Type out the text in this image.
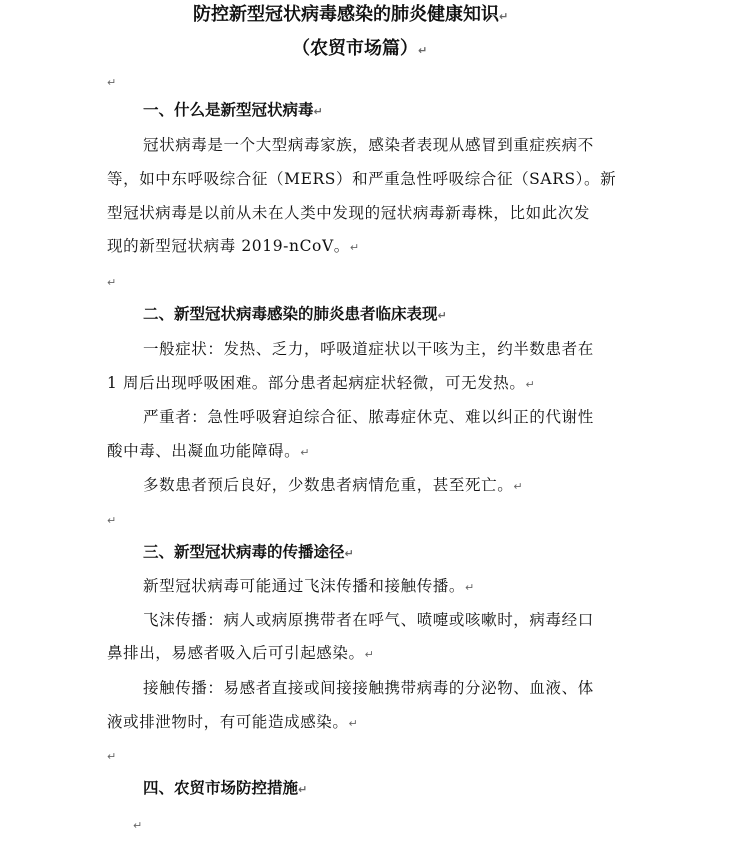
防控新型冠状病毒感染的肺炎健康知识↵
（农贸市场篇）↵
↵
一、什么是新型冠状病毒↵
冠状病毒是一个大型病毒家族，感染者表现从感冒到重症疾病不
等，如中东呼吸综合征（MERS）和严重急性呼吸综合征（SARS）。新
型冠状病毒是以前从未在人类中发现的冠状病毒新毒株，比如此次发
现的新型冠状病毒 2019-nCoV。↵
↵
二、新型冠状病毒感染的肺炎患者临床表现↵
一般症状：发热、乏力，呼吸道症状以干咳为主，约半数患者在
1 周后出现呼吸困难。部分患者起病症状轻微，可无发热。↵
严重者：急性呼吸窘迫综合征、脓毒症休克、难以纠正的代谢性
酸中毒、出凝血功能障碍。↵
多数患者预后良好，少数患者病情危重，甚至死亡。↵
↵
三、新型冠状病毒的传播途径↵
新型冠状病毒可能通过飞沫传播和接触传播。↵
飞沫传播：病人或病原携带者在呼气、喷嚏或咳嗽时，病毒经口
鼻排出，易感者吸入后可引起感染。↵
接触传播：易感者直接或间接接触携带病毒的分泌物、血液、体
液或排泄物时，有可能造成感染。↵
↵
四、农贸市场防控措施↵
↵
